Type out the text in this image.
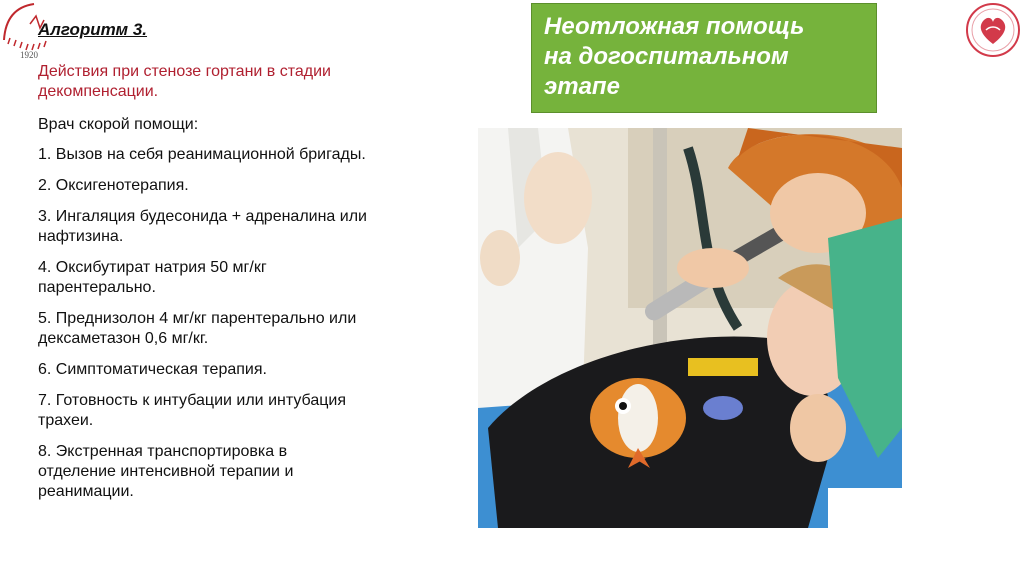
1920
Алгоритм 3.
Действия при стенозе гортани в стадии декомпенсации.
Врач скорой помощи:
1. Вызов на себя реанимационной бригады.
2. Оксигенотерапия.
3. Ингаляция будесонида + адреналина или нафтизина.
4. Оксибутират натрия 50 мг/кг парентерально.
5. Преднизолон 4 мг/кг парентерально или дексаметазон 0,6 мг/кг.
6. Симптоматическая терапия.
7. Готовность к интубации или интубация трахеи.
8. Экстренная транспортировка в отделение интенсивной терапии и реанимации.
Неотложная помощь
на догоспитальном
этапе
